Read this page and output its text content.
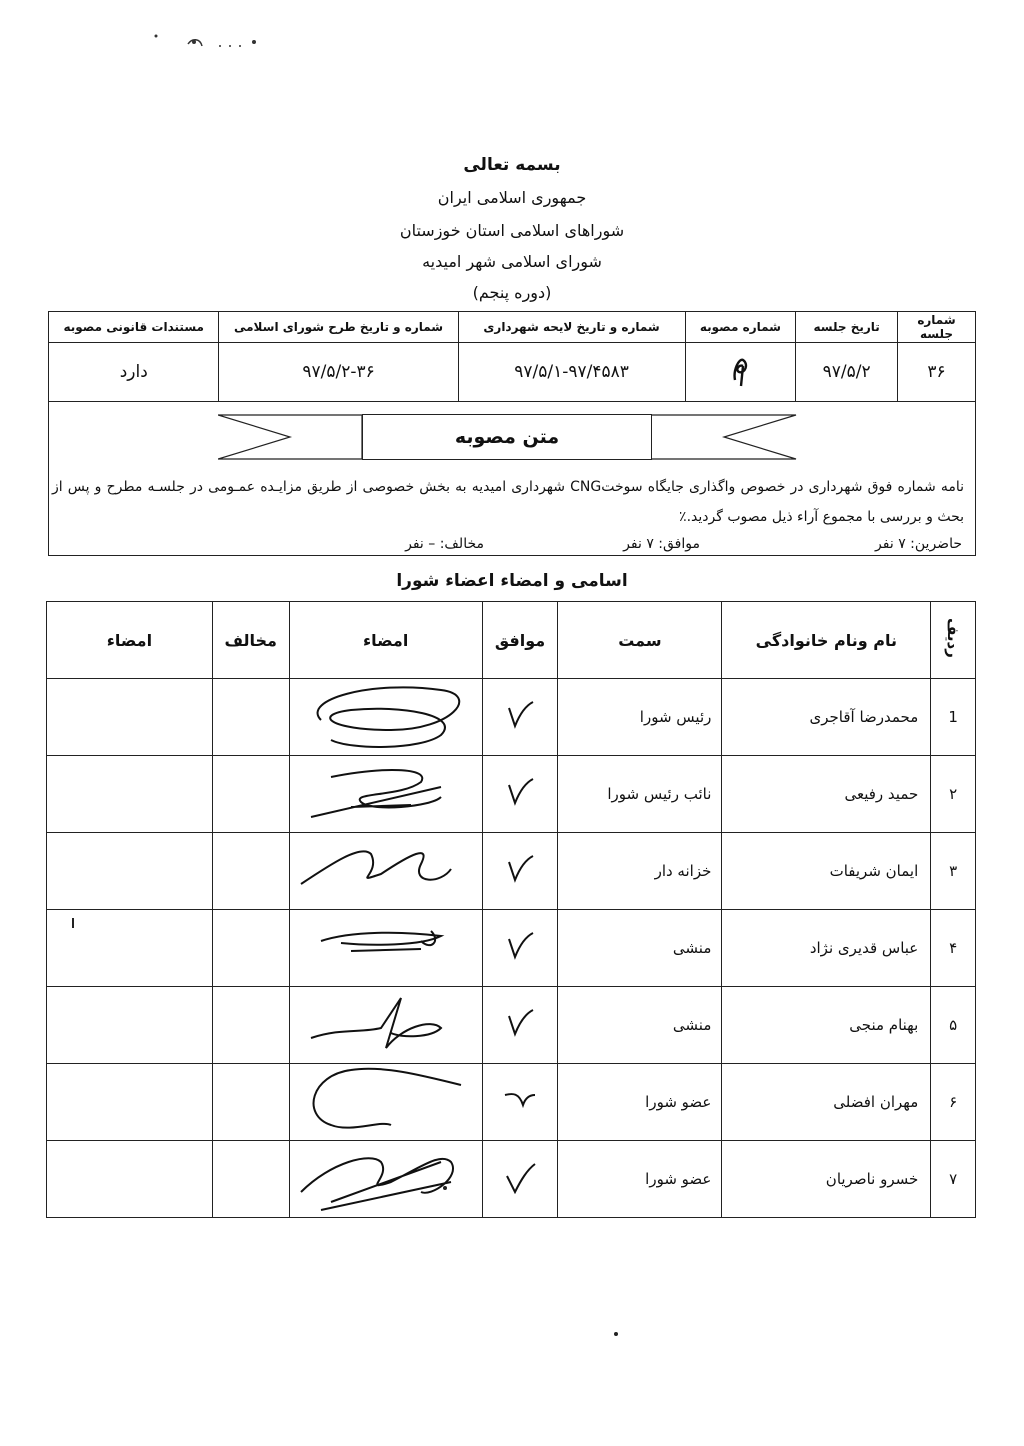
بسمه تعالی
جمهوری اسلامی ایران
شوراهای اسلامی استان خوزستان
شورای اسلامی شهر امیدیه
(دوره پنجم)
شماره جلسه	تاریخ جلسه	شماره مصوبه	شماره و تاریخ لایحه شهرداری	شماره و تاریخ طرح شورای اسلامی	مستندات قانونی مصوبه
۳۶	۹۷/۵/۲		۹۷/۵/۱-۹۷/۴۵۸۳	۹۷/۵/۲-۳۶	دارد
متن مصوبه
نامه شماره فوق شهرداری در خصوص واگذاری جایگاه سوختCNG شهرداری امیدیه به بخش خصوصی از طریق مزایـده عمـومی در جلسـه مطرح و پس از بحث و بررسی با مجموع آراء ذیل مصوب گردید.٪
حاضرین: ۷ نفر
موافق: ۷ نفر
مخالف: – نفر
اسامی و امضاء اعضاء شورا
ردیف	نام ونام خانوادگی	سمت	موافق	امضاء	مخالف	امضاء
1	محمدرضا آقاجری	رئیس شورا				
۲	حمید رفیعی	نائب رئیس شورا				
۳	ایمان شریفات	خزانه دار				
۴	عباس قدیری نژاد	منشی				
۵	بهنام منجی	منشی				
۶	مهران افضلی	عضو شورا				
۷	خسرو ناصریان	عضو شورا				
